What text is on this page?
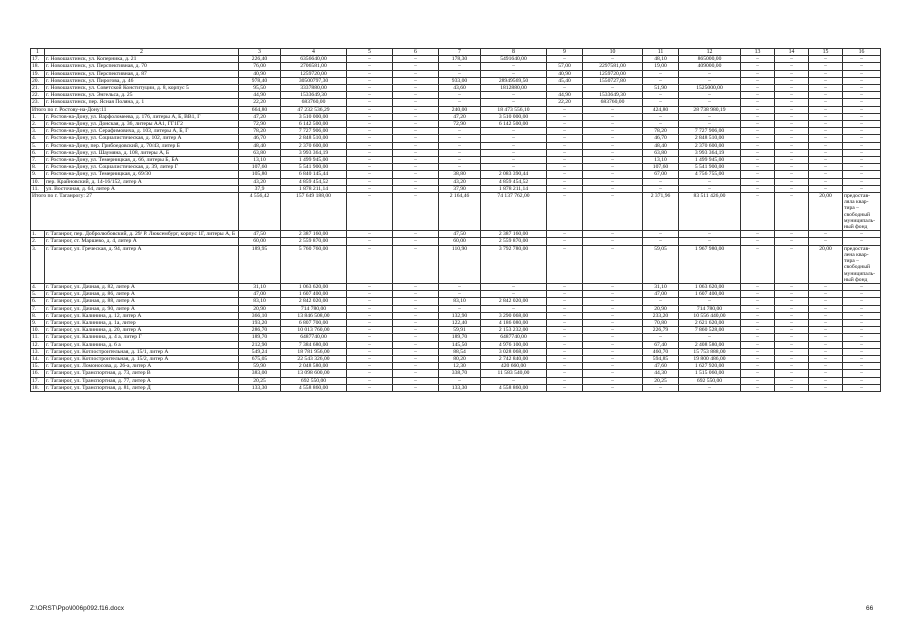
1	2	3	4	5	6	7	8	9	10	11	12	13	14	15	16
17.	г. Новошахтинск, ул. Коперника, д. 21	226,40	6356640,00	–	–	178,30	5491640,00	–	–	48,10	865000,00	–	–	–	–
18.	г. Новошахтинск, ул. Перспективная, д. 70	76,00	2706581,00	–	–	–	–	57,00	2297581,00	19,00	409000,00	–	–	–	–
19.	г. Новошахтинск, ул. Перспективная, д. 87	40,90	1259720,00	–	–	–	–	40,90	1259720,00	–	–	–	–	–	–
20.	г. Новошахтинск, ул. Пирогова, д. 46	978,40	30500797,30	–	–	933,00	28949569,50	45,40	1550727,80	–	–	–	–	–	–
21.	г. Новошахтинск, ул. Советской Конституции, д. 8, корпус 5	95,50	3337880,00	–	–	43,60	1812880,00	–	–	51,90	1525000,00	–	–	–	–
22.	г. Новошахтинск, ул. Энгельса, д. 25	44,90	1533649,30	–	–	–	–	44,90	1533649,30	–	–	–	–	–	–
23.	г. Новошахтинск, пер. Ясная Поляна, д. 1	22,20	683760,00	–	–	–	–	22,20	683760,00	–	–	–	–	–	–
Итого по г. Ростову-на-Дону:11		664,80	47 232 536,29	–	–	240,00	18 473 556,10	–	–	424,80	28 738 980,19	–	–	–	–
1.	г. Ростов-на-Дону, ул. Варфоломеева, д. 176, литеры А, Б, ВВ1, Г	47,20	3 510 000,00	–	–	47,20	3 510 000,00	–	–	–	–	–	–	–	–
2.	г. Ростов-на-Дону, ул. Донская, д. 36, литеры АА1, ГГ1Г2	72,90	6 142 500,00	–	–	72,90	6 142 500,00	–	–	–	–	–	–	–	–
3.	г. Ростов-на-Дону, ул. Серафимовича, д. 103, литеры А, Б, Г	78,20	7 727 906,00	–	–	–	–	–	–	78,20	7 727 906,00	–	–	–	–
4.	г. Ростов-на-Дону, ул. Социалистическая, д. 102, литер А	46,70	2 848 510,00	–	–	–	–	–	–	46,70	2 848 510,00	–	–	–	–
5.	г. Ростов-на-Дону, пер. Грибоедовский, д. 70/43, литер Б	48,40	2 370 600,00	–	–	–	–	–	–	48,40	2 370 600,00	–	–	–	–
6.	г. Ростов-на-Дону, ул. Шаумяна, д. 108, литеры А, Б	63,80	3 993 364,19	–	–	–	–	–	–	63,80	3 993 364,19	–	–	–	–
7.	г. Ростов-на-Дону, ул. Темерницкая, д. 66, литеры Б, БА	13,10	1 499 945,00	–	–	–	–	–	–	13,10	1 499 945,00	–	–	–	–
8.	г. Ростов-на-Дону, ул. Социалистическая, д. 39, литер Г	107,60	5 541 900,00	–	–	–	–	–	–	107,60	5 541 900,00	–	–	–	–
9.	г. Ростов-на-Дону, ул. Темерницкая, д. 69/30	105,80	6 840 145,44	–	–	38,80	2 083 390,44	–	–	67,00	4 756 755,00	–	–	–	–
10.	пер. Крайновский, д. 14-16/152, литер А	43,20	4 859 454,52	–	–	43,20	4 859 454,52	–	–	–	–	–	–	–	–
11.	ул. Восточная, д. 64, литер А	37,9	1 878 211,14	–	–	37,90	1 878 211,14	–	–	–	–	–	–	–	–
Итого по г. Таганрогу: 27		4 556,42	157 649 188,00	–	–	2 164,46	74 137 762,00	–	–	2 371,96	83 511 426,00	–	–	20,00	предостав-ляла квар-тира – свободный муниципаль-ный фонд
1.	г. Таганрог, пер. Добролюбовский, д. 29/ Р. Люксембург, корпус 1Г, литеры А, Б	47,50	2 387 160,00	–	–	47,50	2 387 160,00	–	–	–	–	–	–	–	–
2.	г. Таганрог, ст. Маршево, д. 4, литер А	60,00	2 559 870,00	–	–	60,00	2 559 870,00	–	–	–	–	–	–	–	–
3.	г. Таганрог, ул. Греческая, д. 94, литер А	189,95	5 760 760,00	–	–	110,90	3 792 780,00	–	–	59,05	1 967 980,00	–	–	20,00	предостав-лена квар-тира – свободный муниципаль-ный фонд
4.	г. Таганрог, ул. Дачная, д. 82, литер А	31,10	1 063 620,00	–	–	–	–	–	–	31,10	1 063 620,00	–	–	–	–
5.	г. Таганрог, ул. Дачная, д. 86, литер А	47,00	1 607 400,00	–	–	–	–	–	–	47,00	1 607 400,00	–	–	–	–
6.	г. Таганрог, ул. Дачная, д. 88, литер А	83,10	2 842 020,00	–	–	83,10	2 842 020,00	–	–	–	–	–	–	–	–
7.	г. Таганрог, ул. Дачная, д. 90, литер А	20,90	714 780,00	–	–	–	–	–	–	20,90	714 780,00	–	–	–	–
8.	г. Таганрог, ул. Калинина, д. 12, литер А	366,10	13 846 508,00	–	–	132,90	3 290 068,00	–	–	233,20	10 556 440,00	–	–	–	–
9.	г. Таганрог, ул. Калинина, д. 1а, литер	193,20	6 807 700,00	–	–	122,40	4 186 080,00	–	–	70,80	2 621 620,00	–	–	–	–
10.	г. Таганрог, ул. Калинина, д. 20, литер А	286,70	10 013 760,00	–	–	59,91	2 153 232,00	–	–	226,79	7 860 528,00	–	–	–	–
11.	г. Таганрог, ул. Калинина, д. 4 а, литер Г	189,70	6487740,00	–	–	189,70	6487740,00	–	–	–	–	–	–	–	–
12.	г. Таганрог, ул. Калинина, д. 6 а	212,90	7 384 680,00	–	–	145,50	4 976 100,00	–	–	67,40	2 408 580,00	–	–	–	–
13.	г. Таганрог, ул. Котлостроительная, д. 15/1, литер А	549,24	18 781 956,00	–	–	88,54	3 028 068,00	–	–	460,70	15 753 888,00	–	–	–	–
14.	г. Таганрог, ул. Котлостроительная, д. 15/2, литер А	675,05	22 543 326,00	–	–	80,20	2 742 840,00	–	–	594,85	19 800 486,00	–	–	–	–
15.	г. Таганрог, ул. Ломоносова, д. 26-а, литер А	59,90	2 048 580,00	–	–	12,30	420 660,00	–	–	47,60	1 627 920,00	–	–	–	–
16.	г. Таганрог, ул. Транспортная, д. 73, литер В	383,00	13 098 600,00	–	–	338,70	11 583 540,00	–	–	44,30	1 515 060,00	–	–	–	–
17.	г. Таганрог, ул. Транспортная, д. 77, литер А	20,25	692 550,00	–	–	–	–	–	–	20,25	692 550,00	–	–	–	–
18.	г. Таганрог, ул. Транспортная, д. 81, литер Д	133,30	4 558 860,00	–	–	133,30	4 558 860,00	–	–	–	–	–	–	–	–
Z:\ORST\Ppo\l006p092.f16.docx	66
